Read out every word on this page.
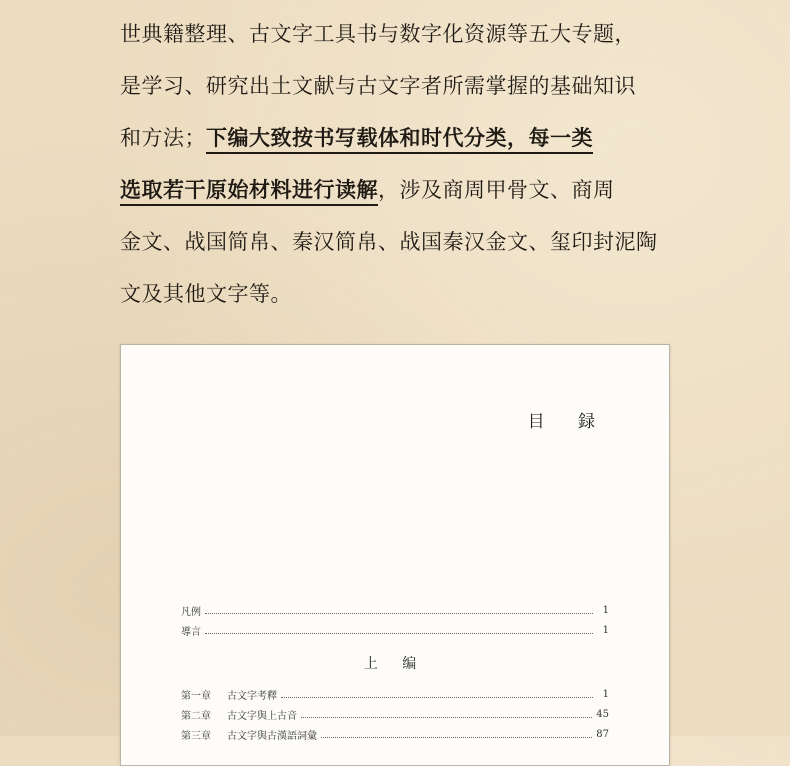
世典籍整理、古文字工具书与数字化资源等五大专题，
是学习、研究出土文献与古文字者所需掌握的基础知识
和方法；下编大致按书写载体和时代分类，每一类
选取若干原始材料进行读解，涉及商周甲骨文、商周
金文、战国简帛、秦汉简帛、战国秦汉金文、玺印封泥陶
文及其他文字等。
目 録
凡例	1
導言	1
上 编
第一章	古文字考釋	1
第二章	古文字與上古音	45
第三章	古文字與古漢語詞彙	87
